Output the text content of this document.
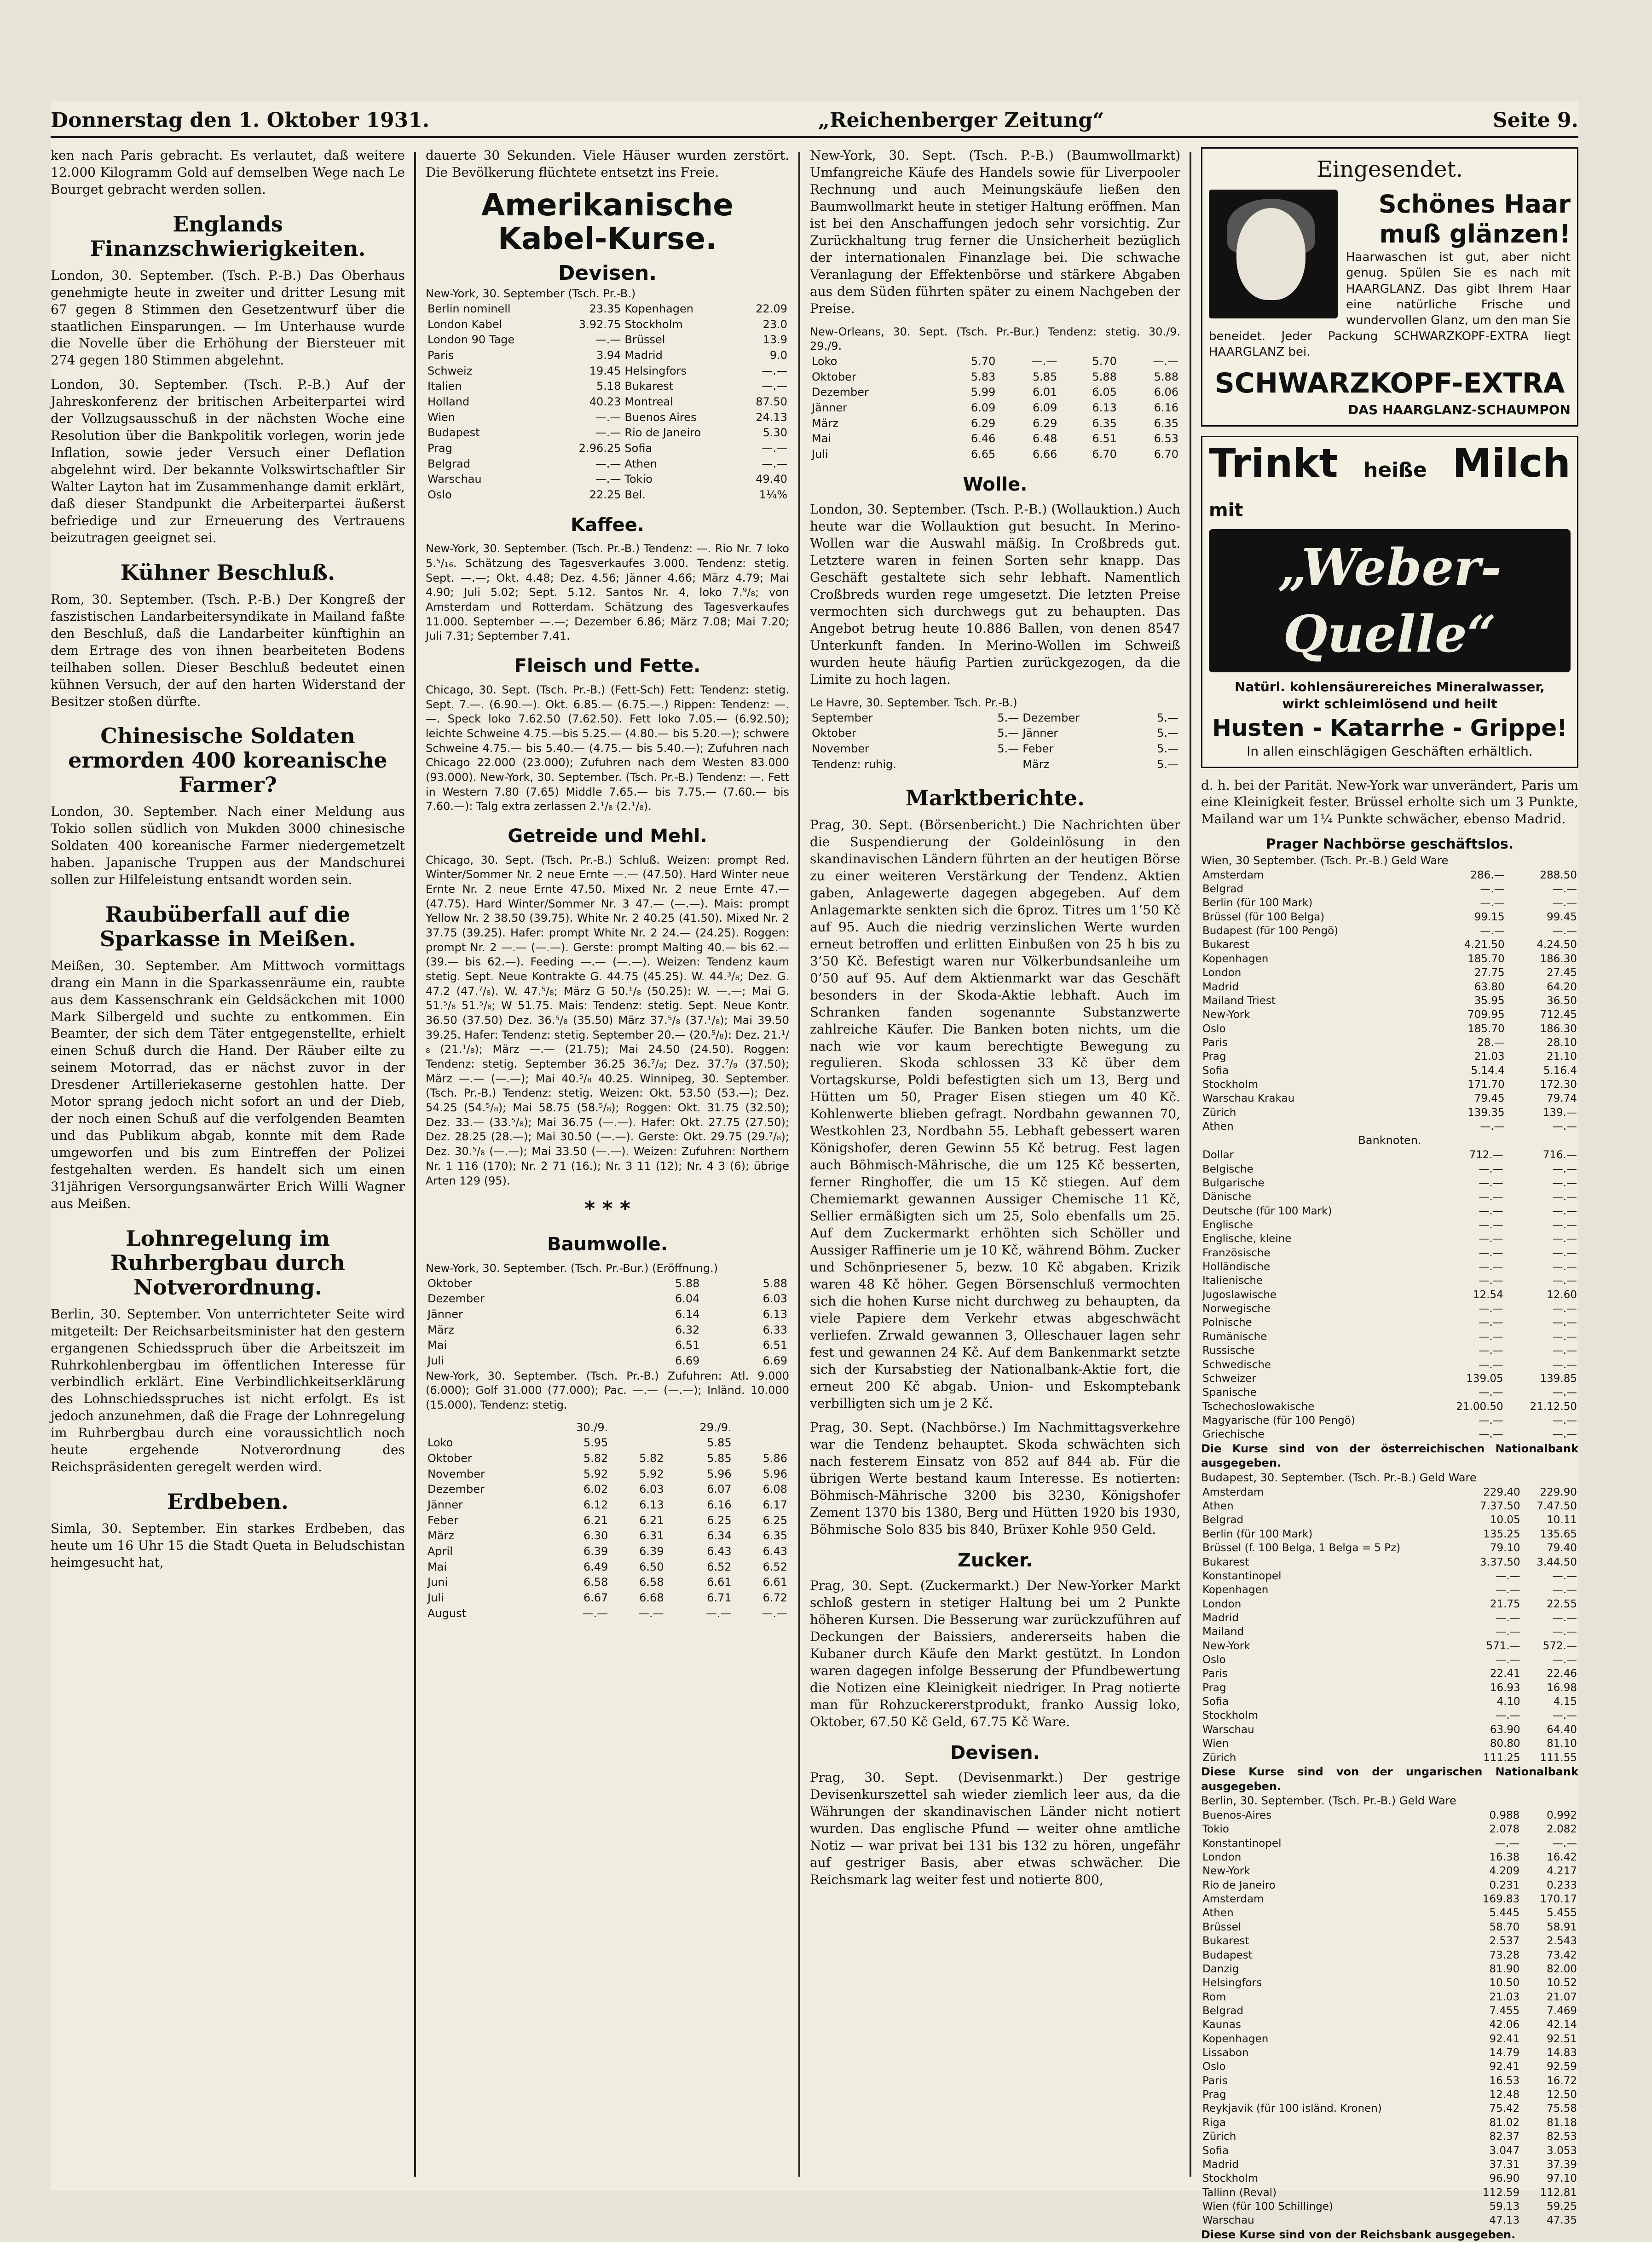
Donnerstag den 1. Oktober 1931.	„Reichenberger Zeitung“	Seite 9.

ken nach Paris gebracht. Es verlautet, daß weitere 12.000 Kilogramm Gold auf demselben Wege nach Le Bourget gebracht werden sollen.

Englands Finanzschwierigkeiten.

London, 30. September. (Tsch. P.-B.) Das Oberhaus genehmigte heute in zweiter und dritter Lesung mit 67 gegen 8 Stimmen den Gesetzentwurf über die staatlichen Einsparungen. — Im Unterhause wurde die Novelle über die Erhöhung der Biersteuer mit 274 gegen 180 Stimmen abgelehnt.

London, 30. September. (Tsch. P.-B.) Auf der Jahreskonferenz der britischen Arbeiterpartei wird der Vollzugsausschuß in der nächsten Woche eine Resolution über die Bankpolitik vorlegen, worin jede Inflation, sowie jeder Versuch einer Deflation abgelehnt wird. Der bekannte Volkswirtschaftler Sir Walter Layton hat im Zusammenhange damit erklärt, daß dieser Standpunkt die Arbeiterpartei äußerst befriedige und zur Erneuerung des Vertrauens beizutragen geeignet sei.

Kühner Beschluß.

Rom, 30. September. (Tsch. P.-B.) Der Kongreß der faszistischen Landarbeitersyndikate in Mailand faßte den Beschluß, daß die Landarbeiter künftighin an dem Ertrage des von ihnen bearbeiteten Bodens teilhaben sollen. Dieser Beschluß bedeutet einen kühnen Versuch, der auf den harten Widerstand der Besitzer stoßen dürfte.

Chinesische Soldaten ermorden 400 koreanische Farmer?

London, 30. September. Nach einer Meldung aus Tokio sollen südlich von Mukden 3000 chinesische Soldaten 400 koreanische Farmer niedergemetzelt haben. Japanische Truppen aus der Mandschurei sollen zur Hilfeleistung entsandt worden sein.

Raubüberfall auf die Sparkasse in Meißen.

Meißen, 30. September. Am Mittwoch vormittags drang ein Mann in die Sparkassenräume ein, raubte aus dem Kassenschrank ein Geldsäckchen mit 1000 Mark Silbergeld und suchte zu entkommen. Ein Beamter, der sich dem Täter entgegenstellte, erhielt einen Schuß durch die Hand. Der Räuber eilte zu seinem Motorrad, das er nächst zuvor in der Dresdener Artilleriekaserne gestohlen hatte. Der Motor sprang jedoch nicht sofort an und der Dieb, der noch einen Schuß auf die verfolgenden Beamten und das Publikum abgab, konnte mit dem Rade umgeworfen und bis zum Eintreffen der Polizei festgehalten werden. Es handelt sich um einen 31jährigen Versorgungsanwärter Erich Willi Wagner aus Meißen.

Lohnregelung im Ruhrbergbau durch Notverordnung.

Berlin, 30. September. Von unterrichteter Seite wird mitgeteilt: Der Reichsarbeitsminister hat den gestern ergangenen Schiedsspruch über die Arbeitszeit im Ruhrkohlenbergbau im öffentlichen Interesse für verbindlich erklärt. Eine Verbindlichkeitserklärung des Lohnschiedsspruches ist nicht erfolgt. Es ist jedoch anzunehmen, daß die Frage der Lohnregelung im Ruhrbergbau durch eine voraussichtlich noch heute ergehende Notverordnung des Reichspräsidenten geregelt werden wird.

Erdbeben.

Simla, 30. September. Ein starkes Erdbeben, das heute um 16 Uhr 15 die Stadt Queta in Beludschistan heimgesucht hat,

dauerte 30 Sekunden. Viele Häuser wurden zerstört. Die Bevölkerung flüchtete entsetzt ins Freie.

Amerikanische Kabel-Kurse.
Devisen.
New-York, 30. September (Tsch. Pr.-B.)
Berlin nominell	23.35	Kopenhagen	22.09
London Kabel	3.92.75	Stockholm	23.0
London 90 Tage	—.—	Brüssel	13.9
Paris	3.94	Madrid	9.0
Schweiz	19.45	Helsingfors	—.—
Italien	5.18	Bukarest	—.—
Holland	40.23	Montreal	87.50
Wien	—.—	Buenos Aires	24.13
Budapest	—.—	Rio de Janeiro	5.30
Prag	2.96.25	Sofia	—.—
Belgrad	—.—	Athen	—.—
Warschau	—.—	Tokio	49.40
Oslo	22.25	Bel.	1¼%
Kaffee.

New-York, 30. September. (Tsch. Pr.-B.) Tendenz: —. Rio Nr. 7 loko 5.⁵/₁₆. Schätzung des Tagesverkaufes 3.000. Tendenz: stetig. Sept. —.—; Okt. 4.48; Dez. 4.56; Jänner 4.66; März 4.79; Mai 4.90; Juli 5.02; Sept. 5.12. Santos Nr. 4, loko 7.⁹/₈; von Amsterdam und Rotterdam. Schätzung des Tagesverkaufes 11.000. September —.—; Dezember 6.86; März 7.08; Mai 7.20; Juli 7.31; September 7.41.

Fleisch und Fette.

Chicago, 30. Sept. (Tsch. Pr.-B.) (Fett-Sch) Fett: Tendenz: stetig. Sept. 7.—. (6.90.—). Okt. 6.85.— (6.75.—.) Rippen: Tendenz: —.—. Speck loko 7.62.50 (7.62.50). Fett loko 7.05.— (6.92.50); leichte Schweine 4.75.—bis 5.25.— (4.80.— bis 5.20.—); schwere Schweine 4.75.— bis 5.40.— (4.75.— bis 5.40.—); Zufuhren nach Chicago 22.000 (23.000); Zufuhren nach dem Westen 83.000 (93.000). New-York, 30. September. (Tsch. Pr.-B.) Tendenz: —. Fett in Western 7.80 (7.65) Middle 7.65.— bis 7.75.— (7.60.— bis 7.60.—): Talg extra zerlassen 2.¹/₈ (2.¹/₈).

Getreide und Mehl.

Chicago, 30. Sept. (Tsch. Pr.-B.) Schluß. Weizen: prompt Red. Winter/Sommer Nr. 2 neue Ernte —.— (47.50). Hard Winter neue Ernte Nr. 2 neue Ernte 47.50. Mixed Nr. 2 neue Ernte 47.— (47.75). Hard Winter/Sommer Nr. 3 47.— (—.—). Mais: prompt Yellow Nr. 2 38.50 (39.75). White Nr. 2 40.25 (41.50). Mixed Nr. 2 37.75 (39.25). Hafer: prompt White Nr. 2 24.— (24.25). Roggen: prompt Nr. 2 —.— (—.—). Gerste: prompt Malting 40.— bis 62.— (39.— bis 62.—). Feeding —.— (—.—). Weizen: Tendenz kaum stetig. Sept. Neue Kontrakte G. 44.75 (45.25). W. 44.³/₈; Dez. G. 47.2 (47.⁷/₈). W. 47.⁵/₈; März G 50.¹/₈ (50.25): W. —.—; Mai G. 51.⁵/₈ 51.⁵/₈; W 51.75. Mais: Tendenz: stetig. Sept. Neue Kontr. 36.50 (37.50) Dez. 36.⁵/₈ (35.50) März 37.⁵/₈ (37.¹/₈); Mai 39.50 39.25. Hafer: Tendenz: stetig. September 20.— (20.⁵/₈): Dez. 21.¹/₈ (21.¹/₈); März —.— (21.75); Mai 24.50 (24.50). Roggen: Tendenz: stetig. September 36.25 36.⁷/₈; Dez. 37.⁷/₈ (37.50); März —.— (—.—); Mai 40.⁵/₈ 40.25. Winnipeg, 30. September. (Tsch. Pr.-B.) Tendenz: stetig. Weizen: Okt. 53.50 (53.—); Dez. 54.25 (54.⁵/₈); Mai 58.75 (58.⁵/₈); Roggen: Okt. 31.75 (32.50); Dez. 33.— (33.⁵/₈); Mai 36.75 (—.—). Hafer: Okt. 27.75 (27.50); Dez. 28.25 (28.—); Mai 30.50 (—.—). Gerste: Okt. 29.75 (29.⁷/₈); Dez. 30.⁵/₈ (—.—); Mai 33.50 (—.—). Weizen: Zufuhren: Northern Nr. 1 116 (170); Nr. 2 71 (16.); Nr. 3 11 (12); Nr. 4 3 (6); übrige Arten 129 (95).

* * *
Baumwolle.
New-York, 30. September. (Tsch. Pr.-Bur.) (Eröffnung.)
Oktober	5.88	5.88
Dezember	6.04	6.03
Jänner	6.14	6.13
März	6.32	6.33
Mai	6.51	6.51
Juli	6.69	6.69

New-York, 30. September. (Tsch. Pr.-B.) Zufuhren: Atl. 9.000 (6.000); Golf 31.000 (77.000); Pac. —.— (—.—); Inländ. 10.000 (15.000). Tendenz: stetig.

	30./9.		29./9.	
Loko	5.95		5.85	
Oktober	5.82	5.82	5.85	5.86
November	5.92	5.92	5.96	5.96
Dezember	6.02	6.03	6.07	6.08
Jänner	6.12	6.13	6.16	6.17
Feber	6.21	6.21	6.25	6.25
März	6.30	6.31	6.34	6.35
April	6.39	6.39	6.43	6.43
Mai	6.49	6.50	6.52	6.52
Juni	6.58	6.58	6.61	6.61
Juli	6.67	6.68	6.71	6.72
August	—.—	—.—	—.—	—.—

New-York, 30. Sept. (Tsch. P.-B.) (Baumwollmarkt) Umfangreiche Käufe des Handels sowie für Liverpooler Rechnung und auch Meinungskäufe ließen den Baumwollmarkt heute in stetiger Haltung eröffnen. Man ist bei den Anschaffungen jedoch sehr vorsichtig. Zur Zurückhaltung trug ferner die Unsicherheit bezüglich der internationalen Finanzlage bei. Die schwache Veranlagung der Effektenbörse und stärkere Abgaben aus dem Süden führten später zu einem Nachgeben der Preise.

New-Orleans, 30. Sept. (Tsch. Pr.-Bur.) Tendenz: stetig. 30./9. 29./9.
Loko	5.70	—.—	5.70	—.—
Oktober	5.83	5.85	5.88	5.88
Dezember	5.99	6.01	6.05	6.06
Jänner	6.09	6.09	6.13	6.16
März	6.29	6.29	6.35	6.35
Mai	6.46	6.48	6.51	6.53
Juli	6.65	6.66	6.70	6.70
Wolle.

London, 30. September. (Tsch. P.-B.) (Wollauktion.) Auch heute war die Wollauktion gut besucht. In Merino-Wollen war die Auswahl mäßig. In Croßbreds gut. Letztere waren in feinen Sorten sehr knapp. Das Geschäft gestaltete sich sehr lebhaft. Namentlich Croßbreds wurden rege umgesetzt. Die letzten Preise vermochten sich durchwegs gut zu behaupten. Das Angebot betrug heute 10.886 Ballen, von denen 8547 Unterkunft fanden. In Merino-Wollen im Schweiß wurden heute häufig Partien zurückgezogen, da die Limite zu hoch lagen.

Le Havre, 30. September. Tsch. Pr.-B.)
September	5.—	Dezember	5.—
Oktober	5.—	Jänner	5.—
November	5.—	Feber	5.—
Tendenz: ruhig.		März	5.—
Marktberichte.

Prag, 30. Sept. (Börsenbericht.) Die Nachrichten über die Suspendierung der Goldeinlösung in den skandinavischen Ländern führten an der heutigen Börse zu einer weiteren Verstärkung der Tendenz. Aktien gaben, Anlagewerte dagegen abgegeben. Auf dem Anlagemarkte senkten sich die 6proz. Titres um 1’50 Kč auf 95. Auch die niedrig verzinslichen Werte wurden erneut betroffen und erlitten Einbußen von 25 h bis zu 3’50 Kč. Befestigt waren nur Völkerbundsanleihe um 0’50 auf 95. Auf dem Aktienmarkt war das Geschäft besonders in der Skoda-Aktie lebhaft. Auch im Schranken fanden sogenannte Substanzwerte zahlreiche Käufer. Die Banken boten nichts, um die nach wie vor kaum berechtigte Bewegung zu regulieren. Skoda schlossen 33 Kč über dem Vortagskurse, Poldi befestigten sich um 13, Berg und Hütten um 50, Prager Eisen stiegen um 40 Kč. Kohlenwerte blieben gefragt. Nordbahn gewannen 70, Westkohlen 23, Nordbahn 55. Lebhaft gebessert waren Königshofer, deren Gewinn 55 Kč betrug. Fest lagen auch Böhmisch-Mährische, die um 125 Kč besserten, ferner Ringhoffer, die um 15 Kč stiegen. Auf dem Chemiemarkt gewannen Aussiger Chemische 11 Kč, Sellier ermäßigten sich um 25, Solo ebenfalls um 25. Auf dem Zuckermarkt erhöhten sich Schöller und Aussiger Raffinerie um je 10 Kč, während Böhm. Zucker und Schönpriesener 5, bezw. 10 Kč abgaben. Krizik waren 48 Kč höher. Gegen Börsenschluß vermochten sich die hohen Kurse nicht durchweg zu behaupten, da viele Papiere dem Verkehr etwas abgeschwächt verliefen. Zrwald gewannen 3, Olleschauer lagen sehr fest und gewannen 24 Kč. Auf dem Bankenmarkt setzte sich der Kursabstieg der Nationalbank-Aktie fort, die erneut 200 Kč abgab. Union- und Eskomptebank verbilligten sich um je 2 Kč.

Prag, 30. Sept. (Nachbörse.) Im Nachmittagsverkehre war die Tendenz behauptet. Skoda schwächten sich nach festerem Einsatz von 852 auf 844 ab. Für die übrigen Werte bestand kaum Interesse. Es notierten: Böhmisch-Mährische 3200 bis 3230, Königshofer Zement 1370 bis 1380, Berg und Hütten 1920 bis 1930, Böhmische Solo 835 bis 840, Brüxer Kohle 950 Geld.

Zucker.

Prag, 30. Sept. (Zuckermarkt.) Der New-Yorker Markt schloß gestern in stetiger Haltung bei um 2 Punkte höheren Kursen. Die Besserung war zurückzuführen auf Deckungen der Baissiers, andererseits haben die Kubaner durch Käufe den Markt gestützt. In London waren dagegen infolge Besserung der Pfundbewertung die Notizen eine Kleinigkeit niedriger. In Prag notierte man für Rohzuckererstprodukt, franko Aussig loko, Oktober, 67.50 Kč Geld, 67.75 Kč Ware.

Devisen.

Prag, 30. Sept. (Devisenmarkt.) Der gestrige Devisenkurszettel sah wieder ziemlich leer aus, da die Währungen der skandinavischen Länder nicht notiert wurden. Das englische Pfund — weiter ohne amtliche Notiz — war privat bei 131 bis 132 zu hören, ungefähr auf gestriger Basis, aber etwas schwächer. Die Reichsmark lag weiter fest und notierte 800,

Eingesendet.
Schönes Haar
muß glänzen!
Haarwaschen ist gut, aber nicht genug. Spülen Sie es nach mit HAARGLANZ. Das gibt Ihrem Haar eine natürliche Frische und wundervollen Glanz, um den man Sie beneidet. Jeder Packung SCHWARZKOPF-EXTRA liegt HAARGLANZ bei.
SCHWARZKOPF-EXTRA
DAS HAARGLANZ-SCHAUMPON
Trinkt heiße Milch mit
„Weber-Quelle“
Natürl. kohlensäurereiches Mineralwasser,
wirkt schleimlösend und heilt
Husten - Katarrhe - Grippe!
In allen einschlägigen Geschäften erhältlich.

d. h. bei der Parität. New-York war unverändert, Paris um eine Kleinigkeit fester. Brüssel erholte sich um 3 Punkte, Mailand war um 1¼ Punkte schwächer, ebenso Madrid.

Prager Nachbörse geschäftslos.
Wien, 30 September. (Tsch. Pr.-B.) Geld Ware
Amsterdam	286.—	288.50
Belgrad	—.—	—.—
Berlin (für 100 Mark)	—.—	—.—
Brüssel (für 100 Belga)	99.15	99.45
Budapest (für 100 Pengö)	—.—	—.—
Bukarest	4.21.50	4.24.50
Kopenhagen	185.70	186.30
London	27.75	27.45
Madrid	63.80	64.20
Mailand Triest	35.95	36.50
New-York	709.95	712.45
Oslo	185.70	186.30
Paris	28.—	28.10
Prag	21.03	21.10
Sofia	5.14.4	5.16.4
Stockholm	171.70	172.30
Warschau Krakau	79.45	79.74
Zürich	139.35	139.—
Athen	—.—	—.—
Banknoten.
Dollar	712.—	716.—
Belgische	—.—	—.—
Bulgarische	—.—	—.—
Dänische	—.—	—.—
Deutsche (für 100 Mark)	—.—	—.—
Englische	—.—	—.—
Englische, kleine	—.—	—.—
Französische	—.—	—.—
Holländische	—.—	—.—
Italienische	—.—	—.—
Jugoslawische	12.54	12.60
Norwegische	—.—	—.—
Polnische	—.—	—.—
Rumänische	—.—	—.—
Russische	—.—	—.—
Schwedische	—.—	—.—
Schweizer	139.05	139.85
Spanische	—.—	—.—
Tschechoslowakische	21.00.50	21.12.50
Magyarische (für 100 Pengö)	—.—	—.—
Griechische	—.—	—.—
Die Kurse sind von der österreichischen Nationalbank ausgegeben.
Budapest, 30. September. (Tsch. Pr.-B.) Geld Ware
Amsterdam	229.40	229.90
Athen	7.37.50	7.47.50
Belgrad	10.05	10.11
Berlin (für 100 Mark)	135.25	135.65
Brüssel (f. 100 Belga, 1 Belga = 5 Pz)	79.10	79.40
Bukarest	3.37.50	3.44.50
Konstantinopel	—.—	—.—
Kopenhagen	—.—	—.—
London	21.75	22.55
Madrid	—.—	—.—
Mailand	—.—	—.—
New-York	571.—	572.—
Oslo	—.—	—.—
Paris	22.41	22.46
Prag	16.93	16.98
Sofia	4.10	4.15
Stockholm	—.—	—.—
Warschau	63.90	64.40
Wien	80.80	81.10
Zürich	111.25	111.55
Diese Kurse sind von der ungarischen Nationalbank ausgegeben.
Berlin, 30. September. (Tsch. Pr.-B.) Geld Ware
Buenos-Aires	0.988	0.992
Tokio	2.078	2.082
Konstantinopel	—.—	—.—
London	16.38	16.42
New-York	4.209	4.217
Rio de Janeiro	0.231	0.233
Amsterdam	169.83	170.17
Athen	5.445	5.455
Brüssel	58.70	58.91
Bukarest	2.537	2.543
Budapest	73.28	73.42
Danzig	81.90	82.00
Helsingfors	10.50	10.52
Rom	21.03	21.07
Belgrad	7.455	7.469
Kaunas	42.06	42.14
Kopenhagen	92.41	92.51
Lissabon	14.79	14.83
Oslo	92.41	92.59
Paris	16.53	16.72
Prag	12.48	12.50
Reykjavik (für 100 isländ. Kronen)	75.42	75.58
Riga	81.02	81.18
Zürich	82.37	82.53
Sofia	3.047	3.053
Madrid	37.31	37.39
Stockholm	96.90	97.10
Tallinn (Reval)	112.59	112.81
Wien (für 100 Schillinge)	59.13	59.25
Warschau	47.13	47.35
Diese Kurse sind von der Reichsbank ausgegeben.
